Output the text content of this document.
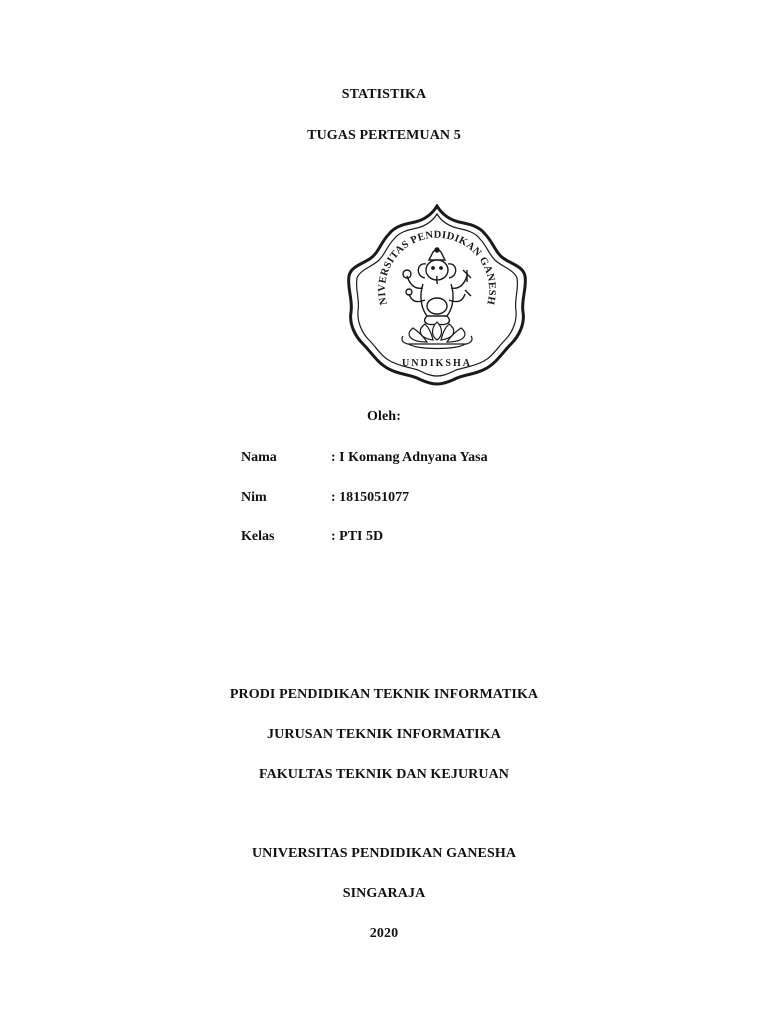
STATISTIKA
TUGAS PERTEMUAN 5
NIVERSITAS PENDIDIKAN GANESH
UNDIKSHA
Oleh:
Nama	: I Komang Adnyana Yasa
Nim	: 1815051077
Kelas	: PTI 5D
PRODI PENDIDIKAN TEKNIK INFORMATIKA
JURUSAN TEKNIK INFORMATIKA
FAKULTAS TEKNIK DAN KEJURUAN
UNIVERSITAS PENDIDIKAN GANESHA
SINGARAJA
2020
